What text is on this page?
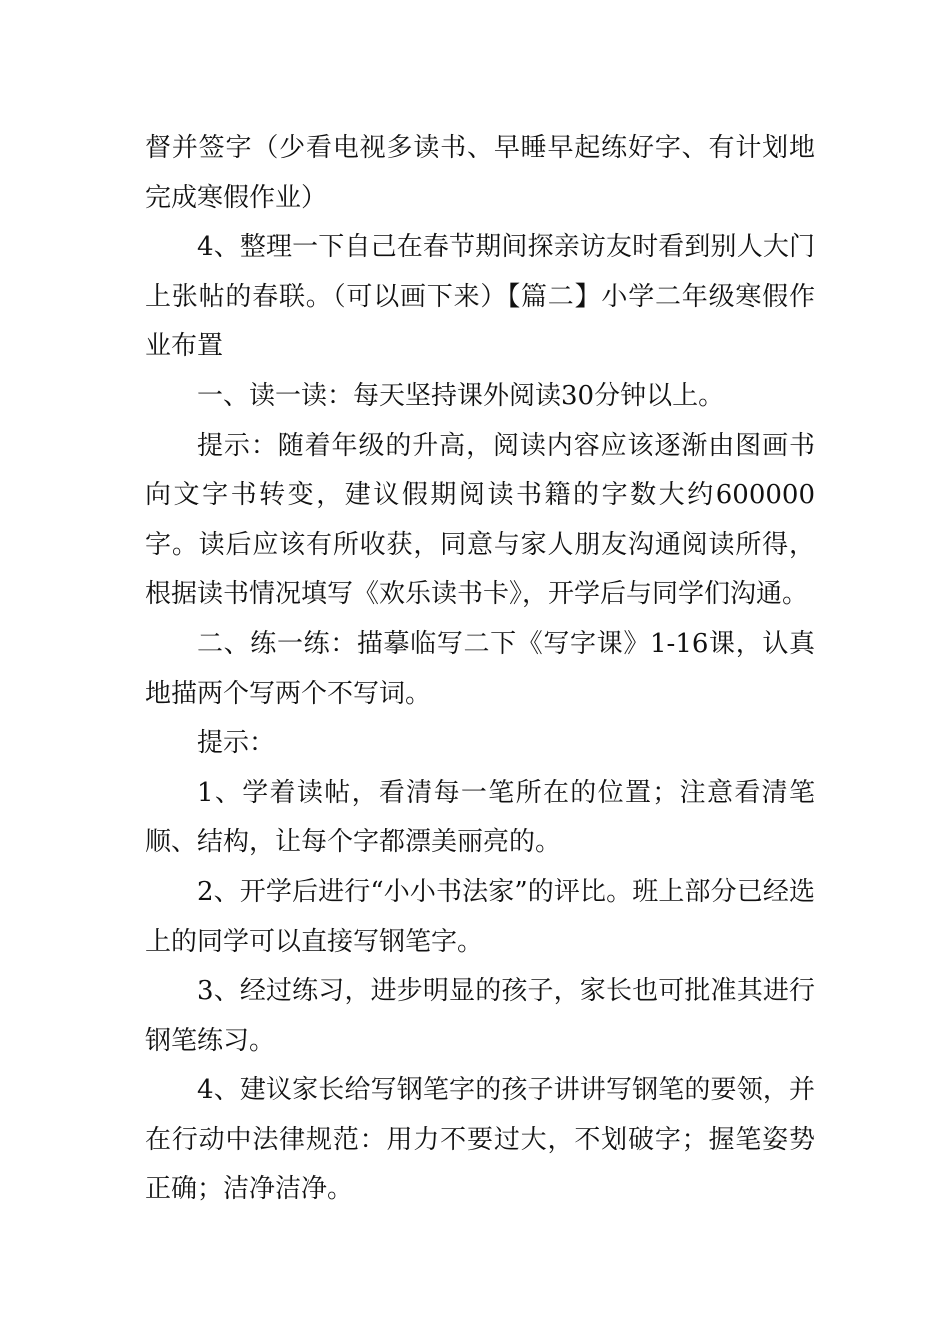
督并签字（少看电视多读书、早睡早起练好字、有计划地完成寒假作业）

4、整理一下自己在春节期间探亲访友时看到别人大门上张帖的春联。（可以画下来）【篇二】小学二年级寒假作业布置

一、读一读：每天坚持课外阅读30分钟以上。

提示：随着年级的升高，阅读内容应该逐渐由图画书向文字书转变，建议假期阅读书籍的字数大约600000字。读后应该有所收获，同意与家人朋友沟通阅读所得，根据读书情况填写《欢乐读书卡》，开学后与同学们沟通。

二、练一练：描摹临写二下《写字课》1-16课，认真地描两个写两个不写词。

提示：

1、学着读帖，看清每一笔所在的位置；注意看清笔顺、结构，让每个字都漂美丽亮的。

2、开学后进行“小小书法家”的评比。班上部分已经选上的同学可以直接写钢笔字。

3、经过练习，进步明显的孩子，家长也可批准其进行钢笔练习。

4、建议家长给写钢笔字的孩子讲讲写钢笔的要领，并在行动中法律规范：用力不要过大，不划破字；握笔姿势正确；洁净洁净。
